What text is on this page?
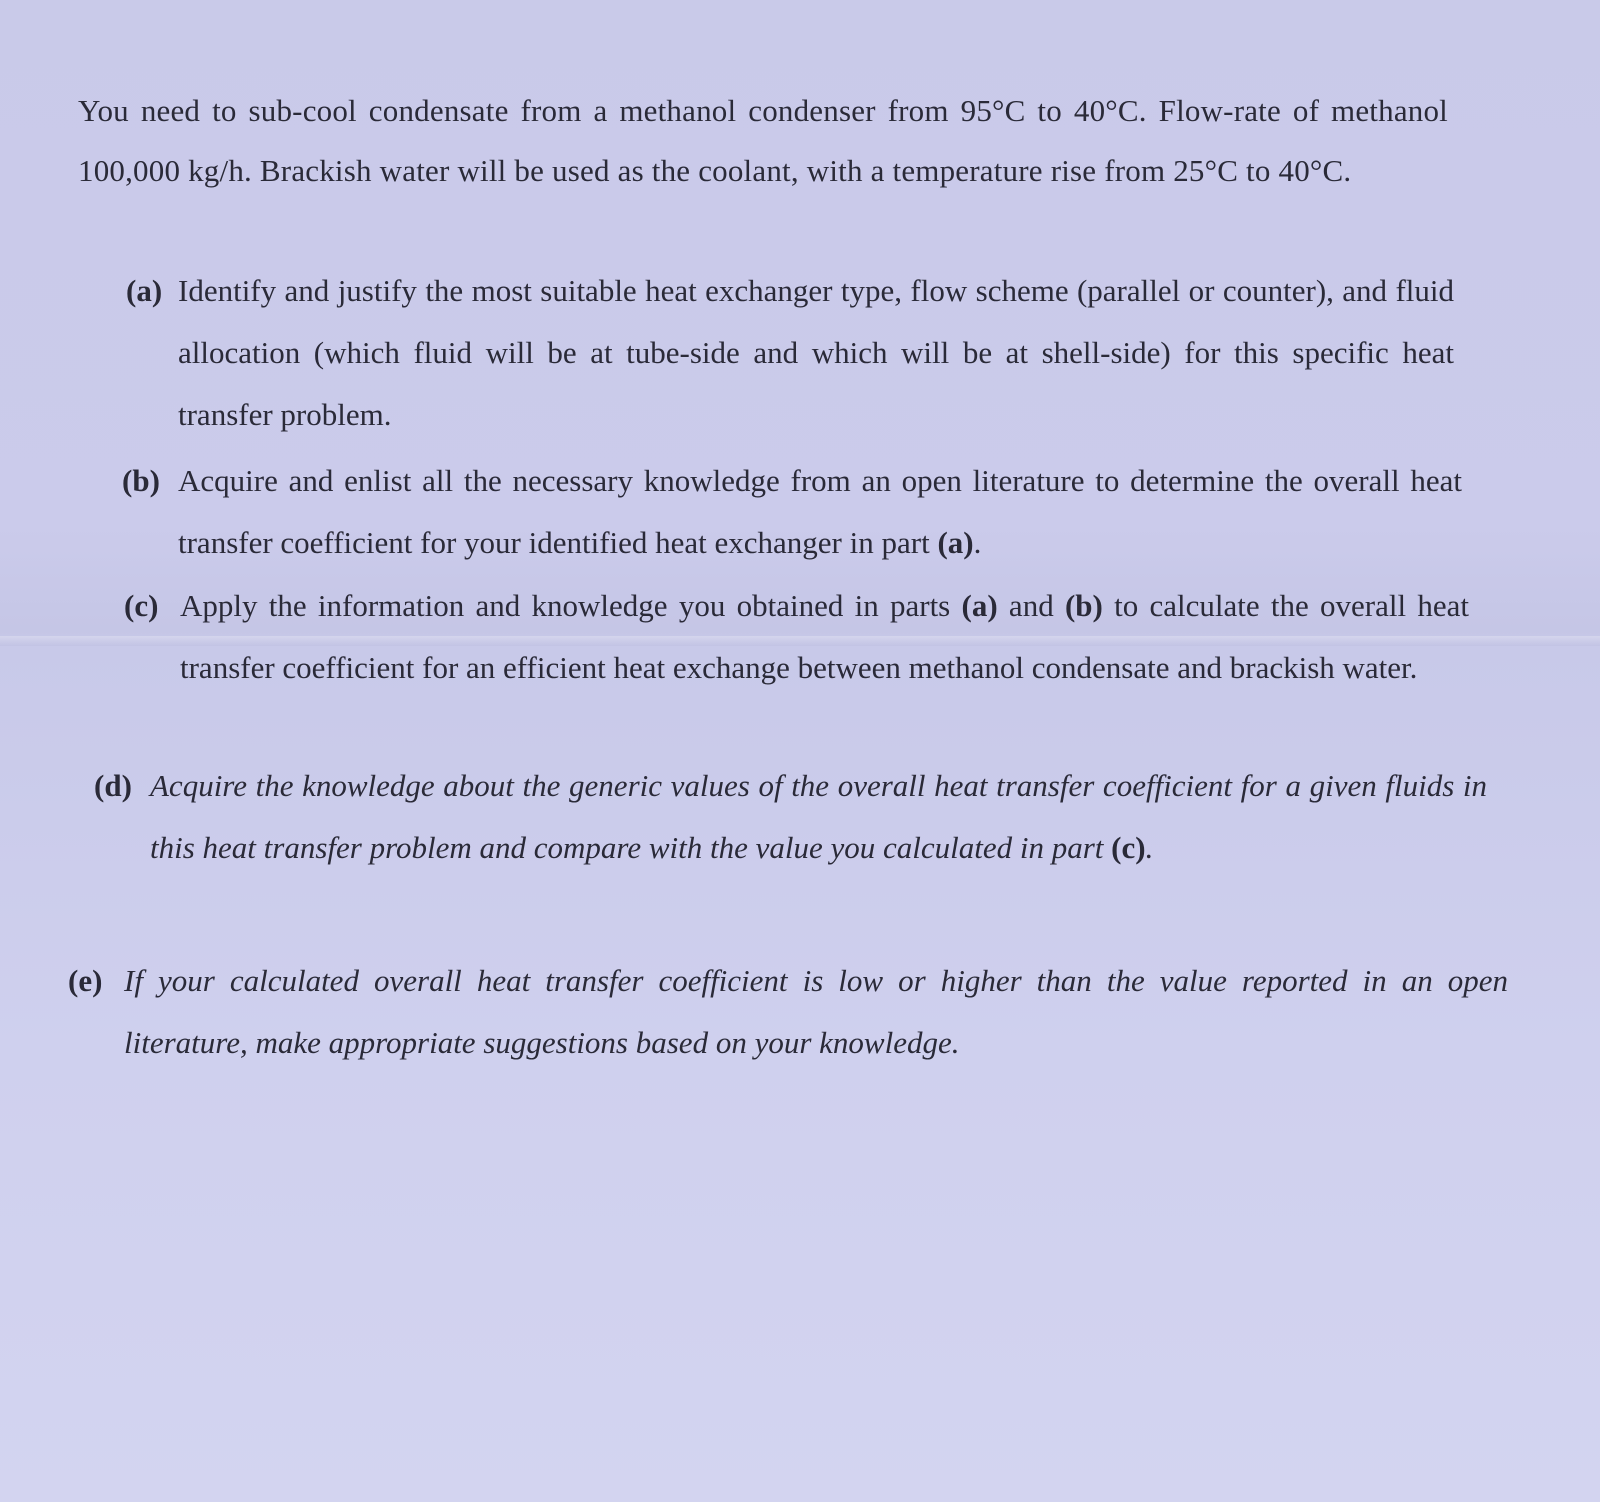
You need to sub-cool condensate from a methanol condenser from 95°C to 40°C. Flow-rate of methanol 100,000 kg/h. Brackish water will be used as the coolant, with a temperature rise from 25°C to 40°C.

(a) Identify and justify the most suitable heat exchanger type, flow scheme (parallel or counter), and fluid allocation (which fluid will be at tube-side and which will be at shell-side) for this specific heat transfer problem.
(b) Acquire and enlist all the necessary knowledge from an open literature to determine the overall heat transfer coefficient for your identified heat exchanger in part (a).
(c) Apply the information and knowledge you obtained in parts (a) and (b) to calculate the overall heat transfer coefficient for an efficient heat exchange between methanol condensate and brackish water.
(d) Acquire the knowledge about the generic values of the overall heat transfer coefficient for a given fluids in this heat transfer problem and compare with the value you calculated in part (c).
(e) If your calculated overall heat transfer coefficient is low or higher than the value reported in an open literature, make appropriate suggestions based on your knowledge.
